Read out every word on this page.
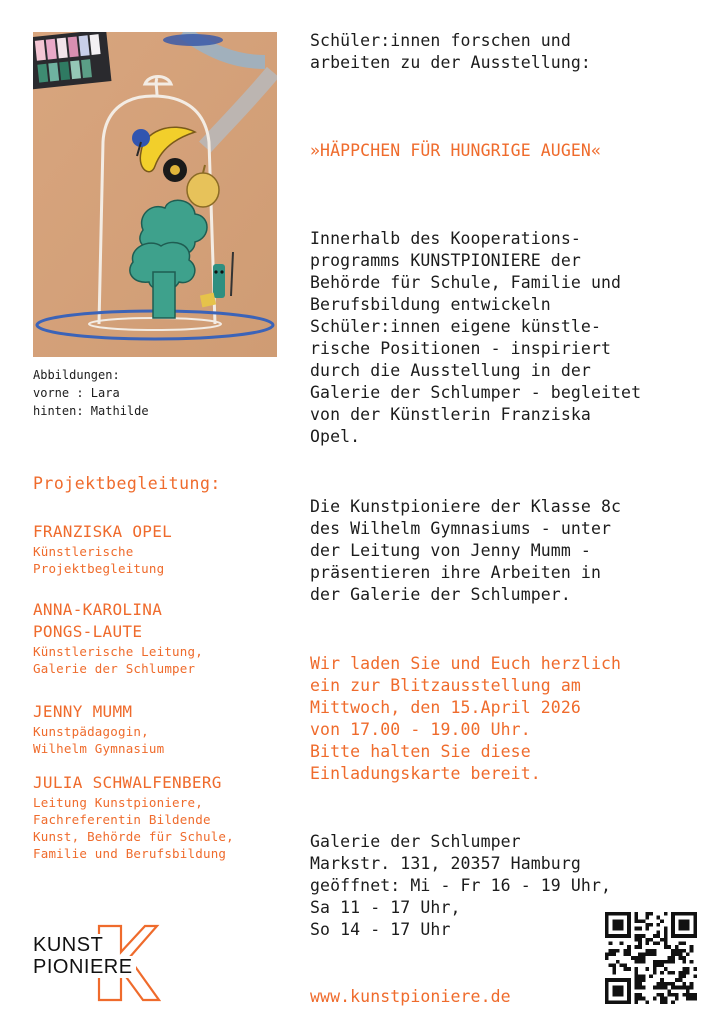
Abbildungen:
vorne : Lara
hinten: Mathilde
Projektbegleitung:
FRANZISKA OPEL
Künstlerische
Projektbegleitung
ANNA-KAROLINA
PONGS-LAUTE
Künstlerische Leitung,
Galerie der Schlumper
JENNY MUMM
Kunstpädagogin,
Wilhelm Gymnasium
JULIA SCHWALFENBERG
Leitung Kunstpioniere,
Fachreferentin Bildende
Kunst, Behörde für Schule,
Familie und Berufsbildung
KUNST
PIONIERE
Schüler:innen forschen und
arbeiten zu der Ausstellung:
»HÄPPCHEN FÜR HUNGRIGE AUGEN«
Innerhalb des Kooperations-
programms KUNSTPIONIERE der
Behörde für Schule, Familie und
Berufsbildung entwickeln
Schüler:innen eigene künstle-
rische Positionen - inspiriert
durch die Ausstellung in der
Galerie der Schlumper - begleitet
von der Künstlerin Franziska
Opel.
Die Kunstpioniere der Klasse 8c
des Wilhelm Gymnasiums - unter
der Leitung von Jenny Mumm -
präsentieren ihre Arbeiten in
der Galerie der Schlumper.
Wir laden Sie und Euch herzlich
ein zur Blitzausstellung am
Mittwoch, den 15.April 2026
von 17.00 - 19.00 Uhr.
Bitte halten Sie diese
Einladungskarte bereit.
Galerie der Schlumper
Markstr. 131, 20357 Hamburg
geöffnet: Mi - Fr 16 - 19 Uhr,
Sa 11 - 17 Uhr,
So 14 - 17 Uhr
www.kunstpioniere.de
